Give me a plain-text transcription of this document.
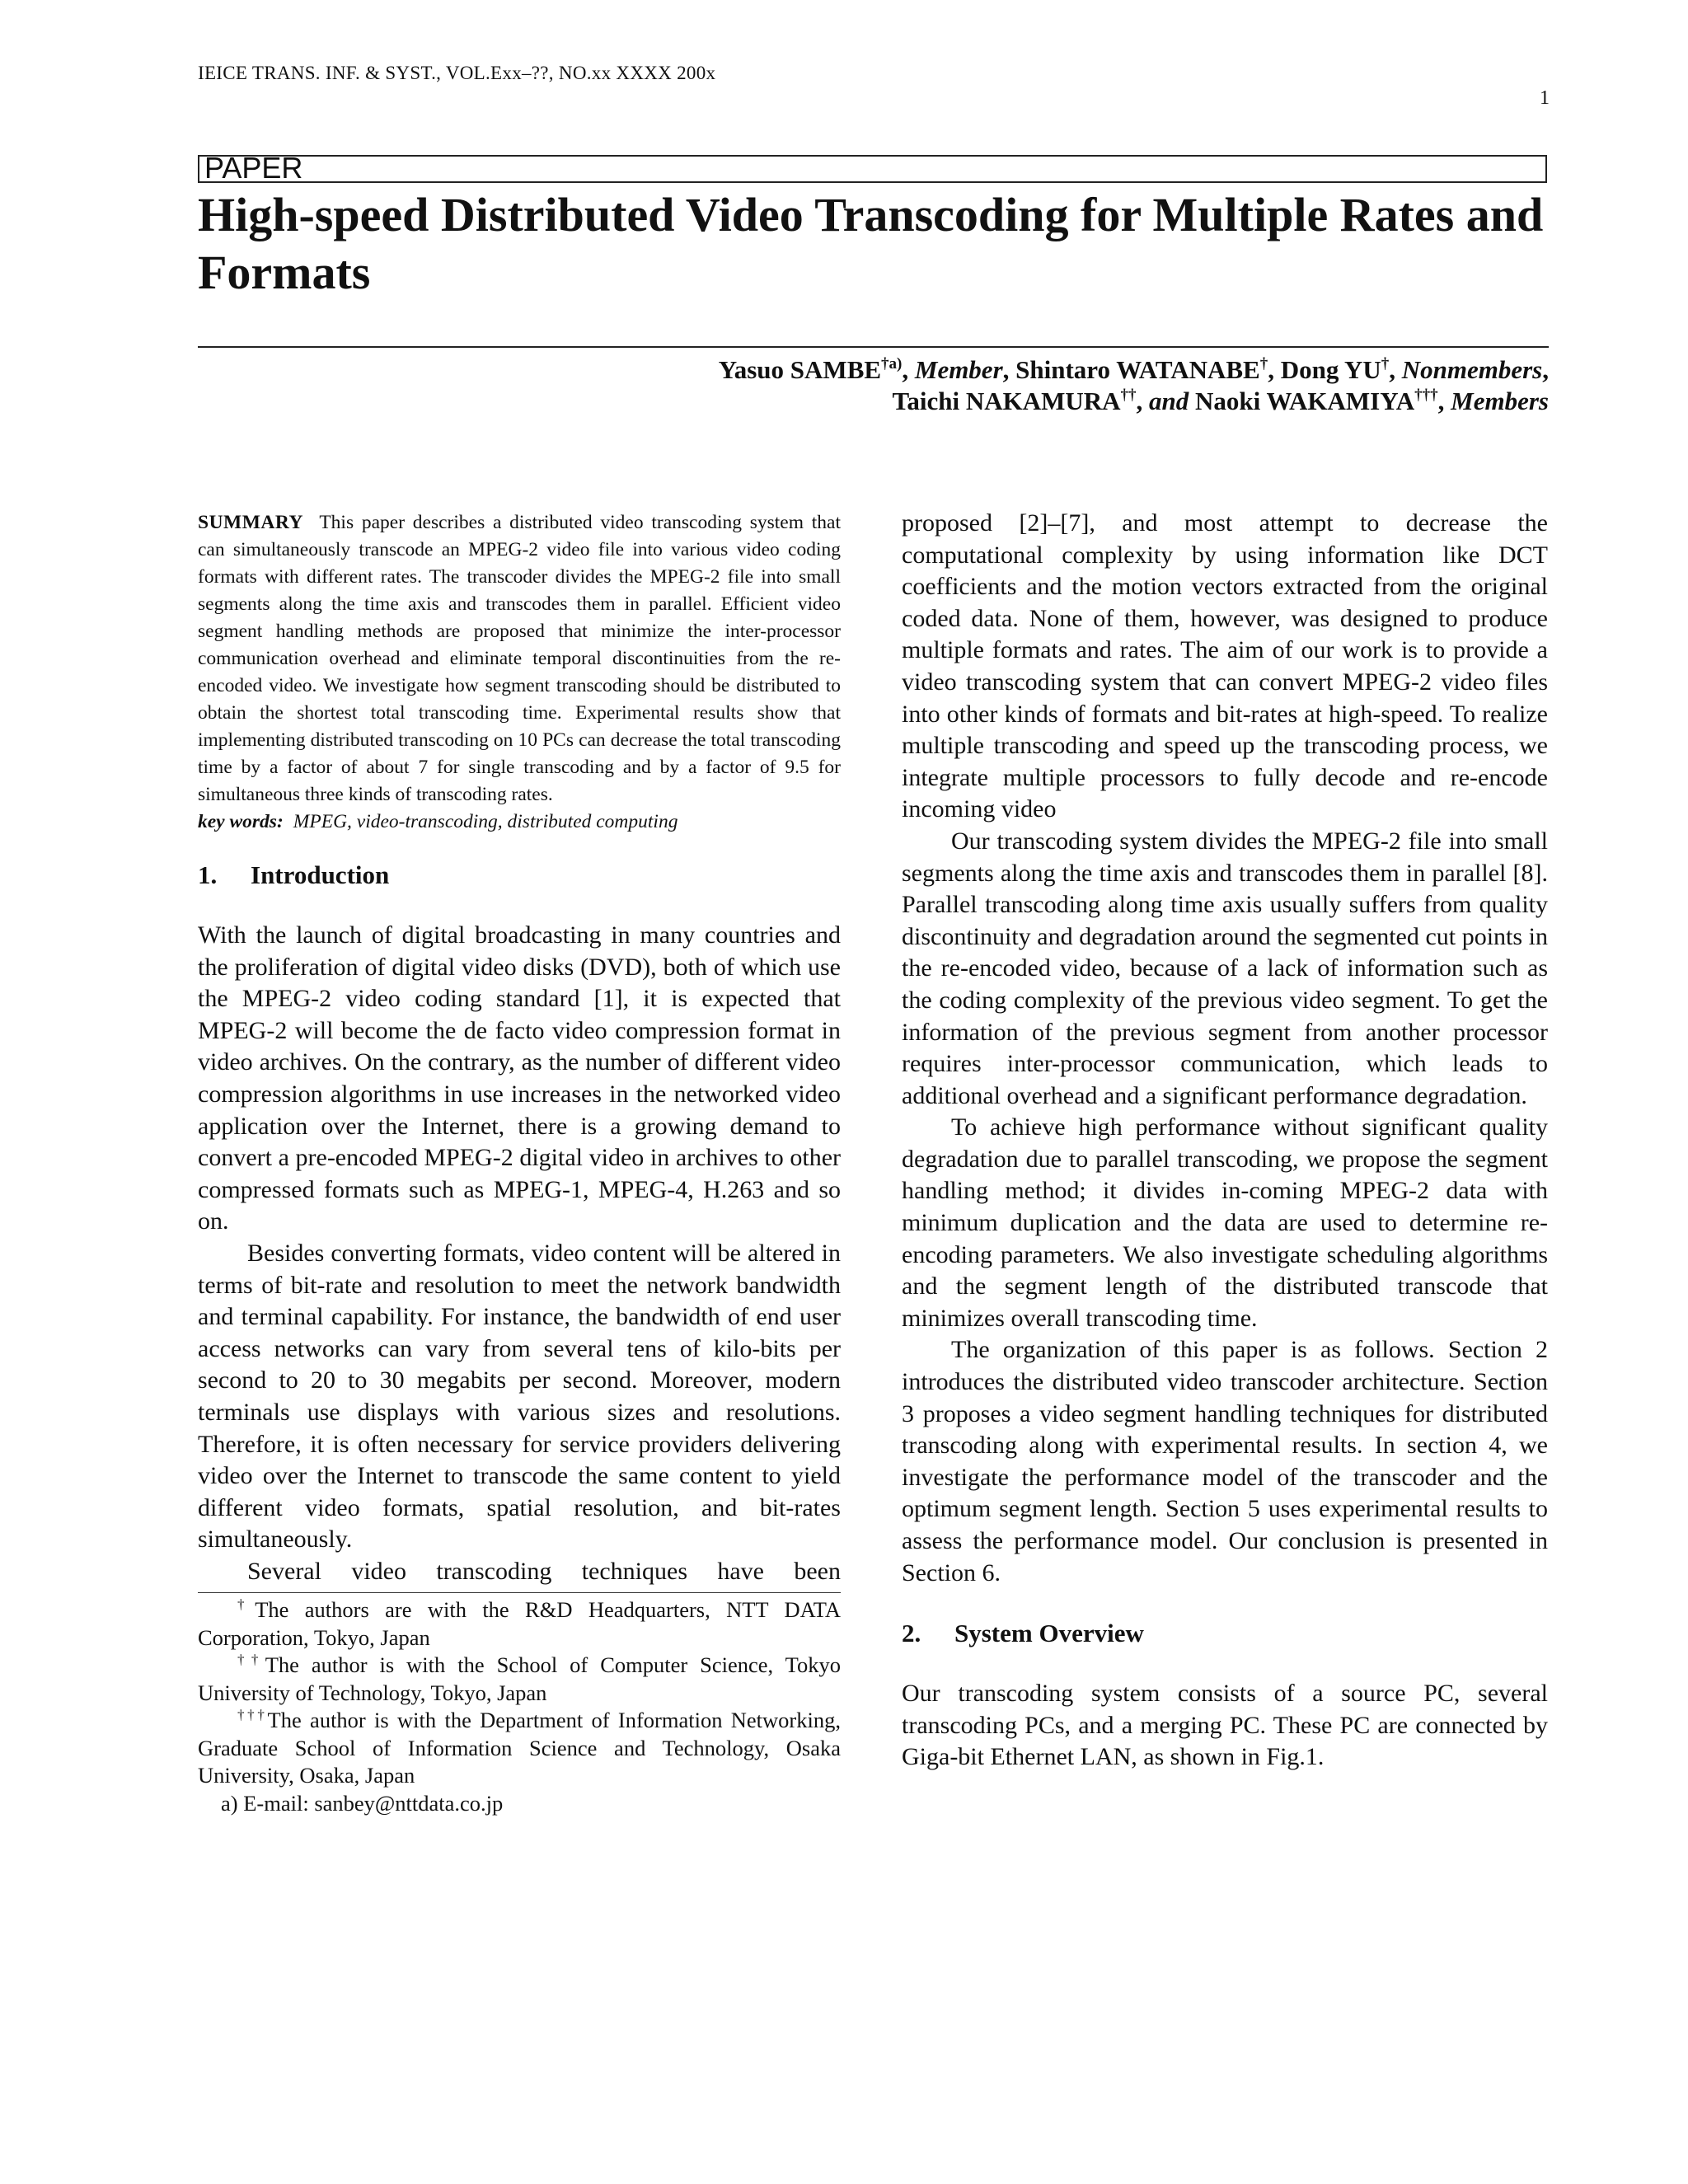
IEICE TRANS. INF. & SYST., VOL.Exx–??, NO.xx XXXX 200x
1
PAPER
High-speed Distributed Video Transcoding for Multiple Rates and Formats
Yasuo SAMBE$^{\dagger a)}$, Member, Shintaro WATANABE†, Dong YU†, Nonmembers,
Taichi NAKAMURA††, and Naoki WAKAMIYA†††, Members
SUMMARY This paper describes a distributed video transcoding system that can simultaneously transcode an MPEG-2 video file into various video coding formats with different rates. The transcoder divides the MPEG-2 file into small segments along the time axis and transcodes them in parallel. Efficient video segment handling methods are proposed that minimize the inter-processor communication overhead and eliminate temporal discontinuities from the re-encoded video. We investigate how segment transcoding should be distributed to obtain the shortest total transcoding time. Experimental results show that implementing distributed transcoding on 10 PCs can decrease the total transcoding time by a factor of about 7 for single transcoding and by a factor of 9.5 for simultaneous three kinds of transcoding rates.
key words: MPEG, video-transcoding, distributed computing
1. Introduction

With the launch of digital broadcasting in many countries and the proliferation of digital video disks (DVD), both of which use the MPEG-2 video coding standard [1], it is expected that MPEG-2 will become the de facto video compression format in video archives. On the contrary, as the number of different video compression algorithms in use increases in the networked video application over the Internet, there is a growing demand to convert a pre-encoded MPEG-2 digital video in archives to other compressed formats such as MPEG-1, MPEG-4, H.263 and so on.

Besides converting formats, video content will be altered in terms of bit-rate and resolution to meet the network bandwidth and terminal capability. For instance, the bandwidth of end user access networks can vary from several tens of kilo-bits per second to 20 to 30 megabits per second. Moreover, modern terminals use displays with various sizes and resolutions. Therefore, it is often necessary for service providers delivering video over the Internet to transcode the same content to yield different video formats, spatial resolution, and bit-rates simultaneously.

Several video transcoding techniques have been

†The authors are with the R&D Headquarters, NTT DATA Corporation, Tokyo, Japan
††The author is with the School of Computer Science, Tokyo University of Technology, Tokyo, Japan
†††The author is with the Department of Information Networking, Graduate School of Information Science and Technology, Osaka University, Osaka, Japan
a) E-mail: sanbey@nttdata.co.jp

proposed [2]–[7], and most attempt to decrease the computational complexity by using information like DCT coefficients and the motion vectors extracted from the original coded data. None of them, however, was designed to produce multiple formats and rates. The aim of our work is to provide a video transcoding system that can convert MPEG-2 video files into other kinds of formats and bit-rates at high-speed. To realize multiple transcoding and speed up the transcoding process, we integrate multiple processors to fully decode and re-encode incoming video

Our transcoding system divides the MPEG-2 file into small segments along the time axis and transcodes them in parallel [8]. Parallel transcoding along time axis usually suffers from quality discontinuity and degradation around the segmented cut points in the re-encoded video, because of a lack of information such as the coding complexity of the previous video segment. To get the information of the previous segment from another processor requires inter-processor communication, which leads to additional overhead and a significant performance degradation.

To achieve high performance without significant quality degradation due to parallel transcoding, we propose the segment handling method; it divides in-coming MPEG-2 data with minimum duplication and the data are used to determine re-encoding parameters. We also investigate scheduling algorithms and the segment length of the distributed transcode that minimizes overall transcoding time.

The organization of this paper is as follows. Section 2 introduces the distributed video transcoder architecture. Section 3 proposes a video segment handling techniques for distributed transcoding along with experimental results. In section 4, we investigate the performance model of the transcoder and the optimum segment length. Section 5 uses experimental results to assess the performance model. Our conclusion is presented in Section 6.

2. System Overview

Our transcoding system consists of a source PC, several transcoding PCs, and a merging PC. These PC are connected by Giga-bit Ethernet LAN, as shown in Fig.1.
